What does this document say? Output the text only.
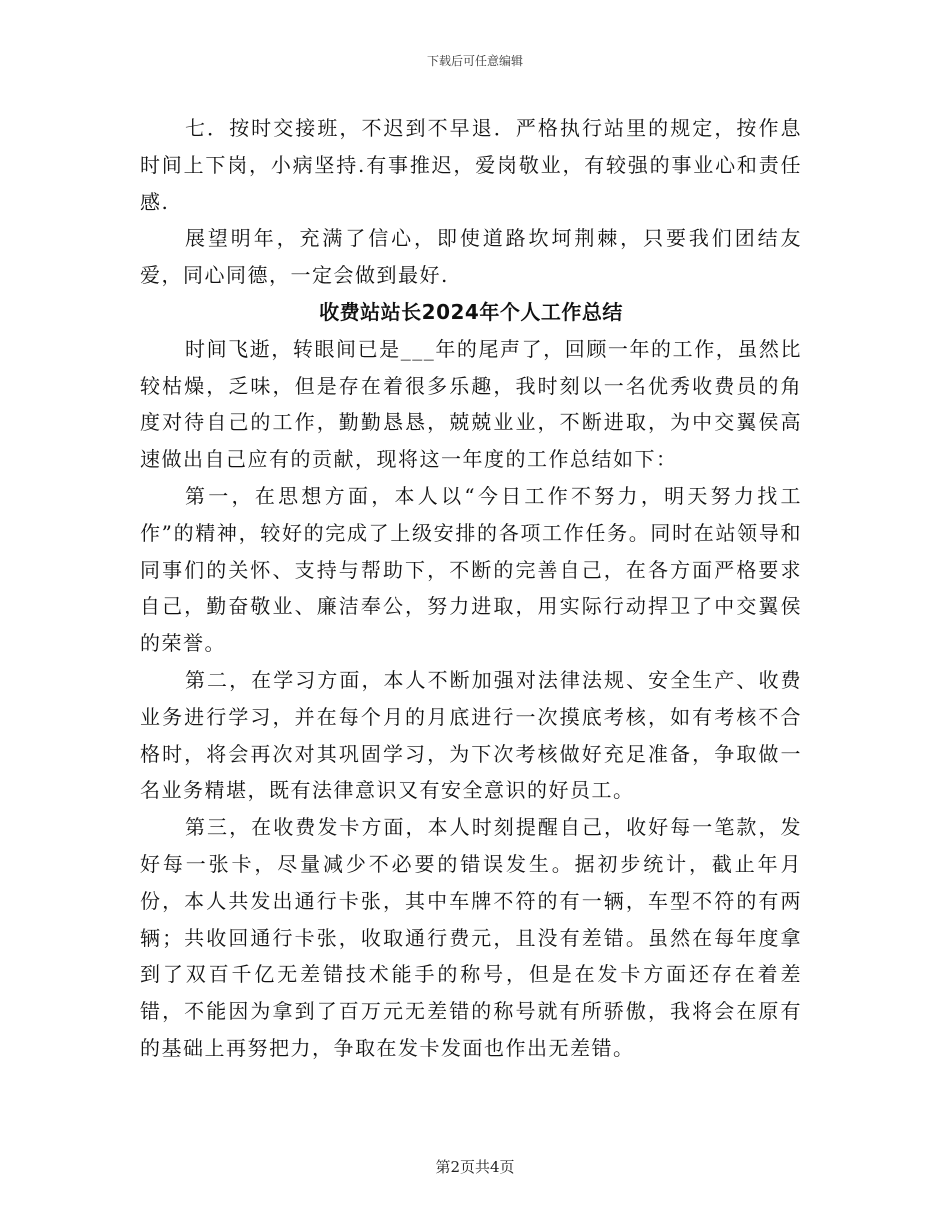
下载后可任意编辑

七．按时交接班，不迟到不早退．严格执行站里的规定，按作息时间上下岗，小病坚持.有事推迟，爱岗敬业，有较强的事业心和责任感.

展望明年，充满了信心，即使道路坎坷荆棘，只要我们团结友爱，同心同德，一定会做到最好.

收费站站长2024年个人工作总结

时间飞逝，转眼间已是___年的尾声了，回顾一年的工作，虽然比较枯燥，乏味，但是存在着很多乐趣，我时刻以一名优秀收费员的角度对待自己的工作，勤勤恳恳，兢兢业业，不断进取，为中交翼侯高速做出自己应有的贡献，现将这一年度的工作总结如下：

第一，在思想方面，本人以“今日工作不努力，明天努力找工作”的精神，较好的完成了上级安排的各项工作任务。同时在站领导和同事们的关怀、支持与帮助下，不断的完善自己，在各方面严格要求自己，勤奋敬业、廉洁奉公，努力进取，用实际行动捍卫了中交翼侯的荣誉。

第二，在学习方面，本人不断加强对法律法规、安全生产、收费业务进行学习，并在每个月的月底进行一次摸底考核，如有考核不合格时，将会再次对其巩固学习，为下次考核做好充足准备，争取做一名业务精堪，既有法律意识又有安全意识的好员工。

第三，在收费发卡方面，本人时刻提醒自己，收好每一笔款，发好每一张卡，尽量减少不必要的错误发生。据初步统计，截止年月份，本人共发出通行卡张，其中车牌不符的有一辆，车型不符的有两辆；共收回通行卡张，收取通行费元，且没有差错。虽然在每年度拿到了双百千亿无差错技术能手的称号，但是在发卡方面还存在着差错，不能因为拿到了百万元无差错的称号就有所骄傲，我将会在原有的基础上再努把力，争取在发卡发面也作出无差错。

第2页共4页
